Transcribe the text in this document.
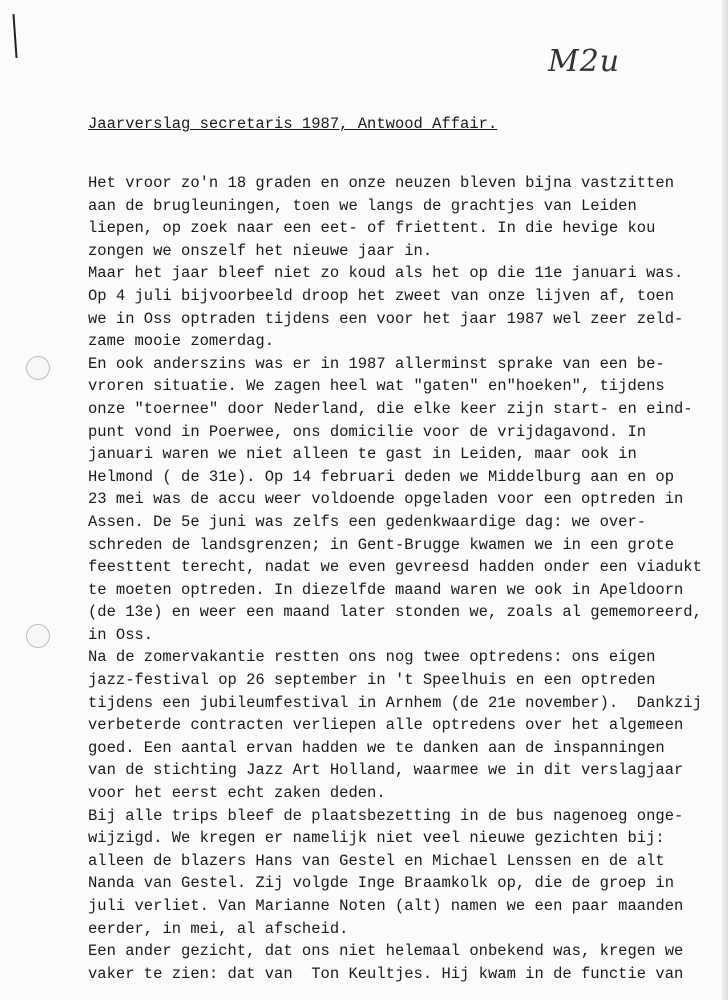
M2u
Jaarverslag secretaris 1987, Antwood Affair.
Het vroor zo'n 18 graden en onze neuzen bleven bijna vastzitten
aan de brugleuningen, toen we langs de grachtjes van Leiden
liepen, op zoek naar een eet- of friettent. In die hevige kou
zongen we onszelf het nieuwe jaar in.
Maar het jaar bleef niet zo koud als het op die 11e januari was.
Op 4 juli bijvoorbeeld droop het zweet van onze lijven af, toen
we in Oss optraden tijdens een voor het jaar 1987 wel zeer zeld-
zame mooie zomerdag.
En ook anderszins was er in 1987 allerminst sprake van een be-
vroren situatie. We zagen heel wat "gaten" en"hoeken", tijdens
onze "toernee" door Nederland, die elke keer zijn start- en eind-
punt vond in Poerwee, ons domicilie voor de vrijdagavond. In
januari waren we niet alleen te gast in Leiden, maar ook in
Helmond ( de 31e). Op 14 februari deden we Middelburg aan en op
23 mei was de accu weer voldoende opgeladen voor een optreden in
Assen. De 5e juni was zelfs een gedenkwaardige dag: we over-
schreden de landsgrenzen; in Gent-Brugge kwamen we in een grote
feesttent terecht, nadat we even gevreesd hadden onder een viadukt
te moeten optreden. In diezelfde maand waren we ook in Apeldoorn
(de 13e) en weer een maand later stonden we, zoals al gememoreerd,
in Oss.
Na de zomervakantie restten ons nog twee optredens: ons eigen
jazz-festival op 26 september in 't Speelhuis en een optreden
tijdens een jubileumfestival in Arnhem (de 21e november).  Dankzij
verbeterde contracten verliepen alle optredens over het algemeen
goed. Een aantal ervan hadden we te danken aan de inspanningen
van de stichting Jazz Art Holland, waarmee we in dit verslagjaar
voor het eerst echt zaken deden.
Bij alle trips bleef de plaatsbezetting in de bus nagenoeg onge-
wijzigd. We kregen er namelijk niet veel nieuwe gezichten bij:
alleen de blazers Hans van Gestel en Michael Lenssen en de alt
Nanda van Gestel. Zij volgde Inge Braamkolk op, die de groep in
juli verliet. Van Marianne Noten (alt) namen we een paar maanden
eerder, in mei, al afscheid.
Een ander gezicht, dat ons niet helemaal onbekend was, kregen we
vaker te zien: dat van  Ton Keultjes. Hij kwam in de functie van
